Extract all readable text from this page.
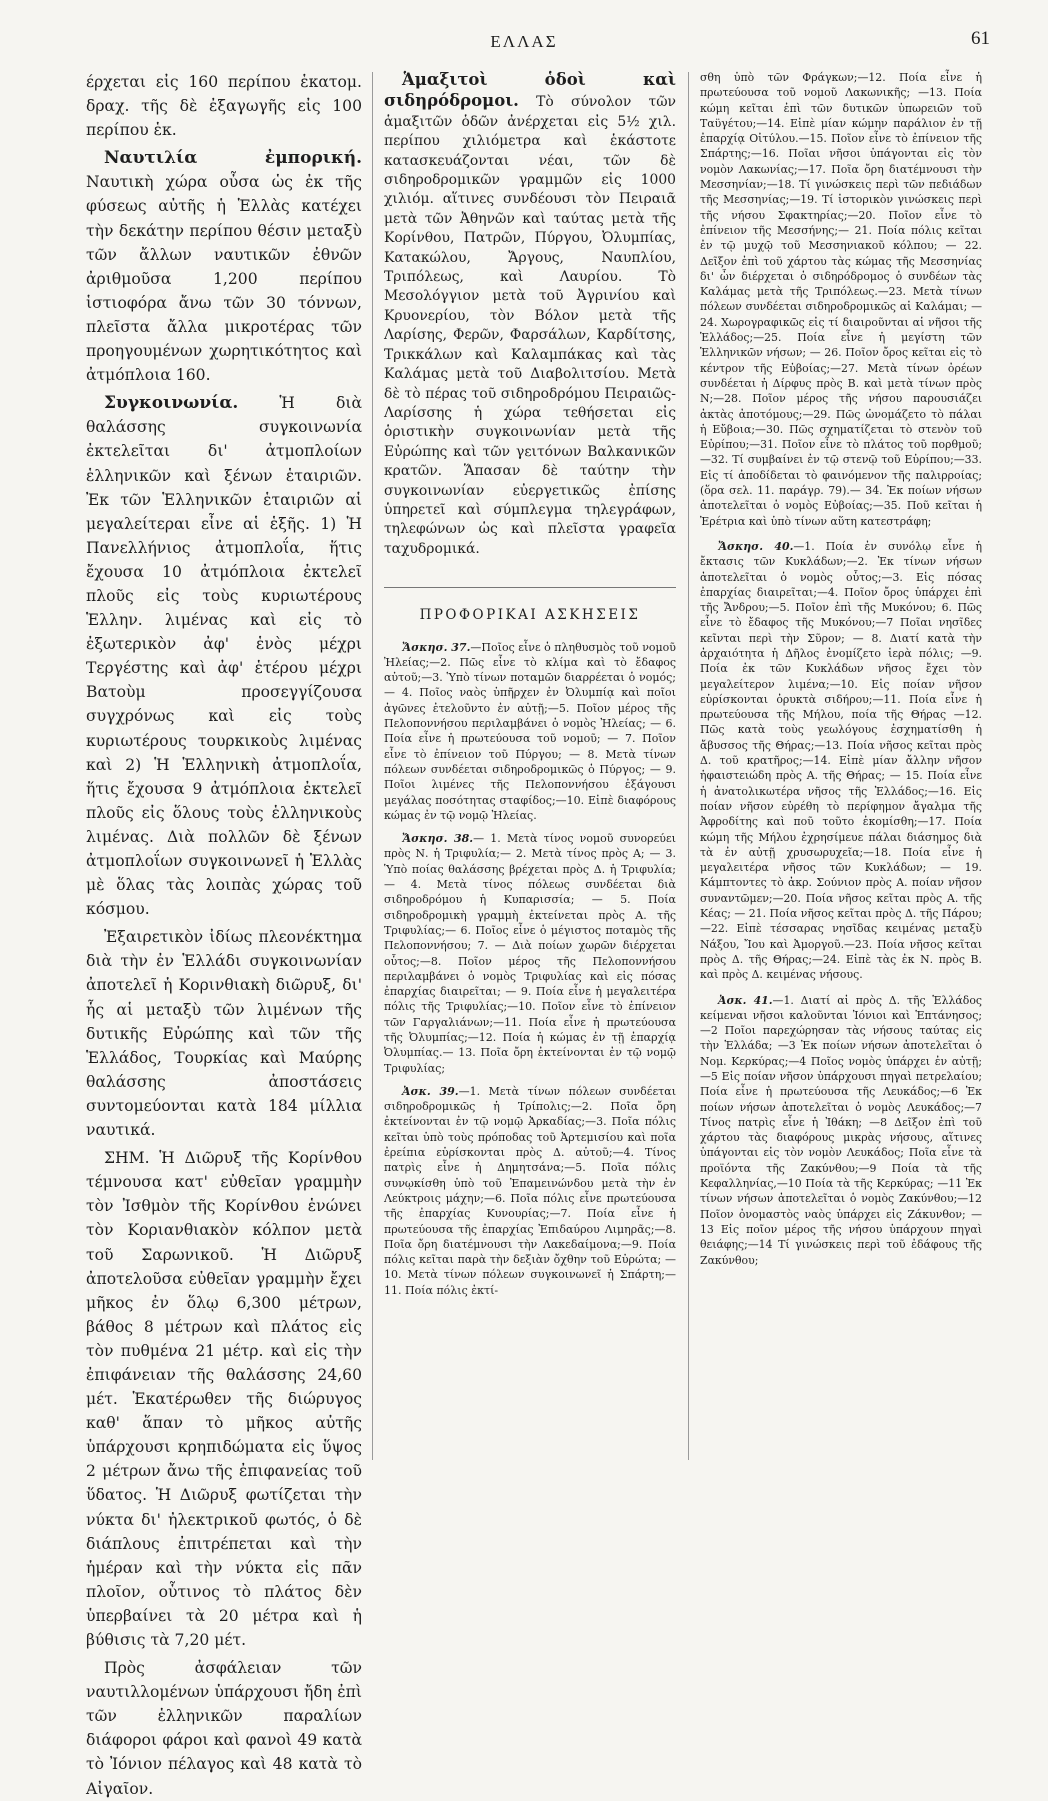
ΕΛΛΑΣ	61

έρχεται εἰς 160 περίπου ἑκατομ. δραχ. τῆς δὲ ἐξαγωγῆς εἰς 100 περίπου ἑκ.

Ναυτιλία ἐμπορική. Ναυτικὴ χώρα οὖσα ὡς ἐκ τῆς φύσεως αὐτῆς ἡ Ἑλλὰς κατέχει τὴν δεκάτην περίπου θέσιν μεταξὺ τῶν ἄλλων ναυτικῶν ἐθνῶν ἀριθμοῦσα 1,200 περίπου ἱστιοφόρα ἄνω τῶν 30 τόννων, πλεῖστα ἄλλα μικροτέρας τῶν προηγουμένων χωρητικότητος καὶ ἀτμόπλοια 160.

Συγκοινωνία.	Ἡ διὰ θαλάσσης συγκοινωνία ἐκτελεῖται δι' ἀτμοπλοίων ἑλληνικῶν καὶ ξένων ἑταιριῶν. Ἐκ τῶν Ἑλληνικῶν ἑταιριῶν αἱ μεγαλείτεραι εἶνε αἱ ἑξῆς. 1) Ἡ Πανελλήνιος ἀτμοπλοΐα, ἥτις ἔχουσα 10 ἀτμόπλοια ἐκτελεῖ πλοῦς εἰς τοὺς κυριωτέρους Ἑλλην. λιμένας καὶ εἰς τὸ ἐξωτερικὸν ἀφ' ἑνὸς μέχρι Τεργέστης καὶ ἀφ' ἑτέρου μέχρι Βατοὺμ προσεγγίζουσα συγχρόνως καὶ εἰς τοὺς κυριωτέρους τουρκικοὺς λιμένας καὶ 2) Ἡ Ἑλληνικὴ ἀτμοπλοΐα, ἥτις ἔχουσα 9 ἀτμόπλοια ἐκτελεῖ πλοῦς εἰς ὅλους τοὺς ἑλληνικοὺς λιμένας. Διὰ πολλῶν δὲ ξένων ἀτμοπλοΐων συγκοινωνεῖ ἡ Ἑλλὰς μὲ ὅλας τὰς λοιπὰς χώρας τοῦ κόσμου.

Ἐξαιρετικὸν ἰδίως πλεονέκτημα διὰ τὴν ἐν Ἑλλάδι συγκοινωνίαν ἀποτελεῖ ἡ Κορινθιακὴ διῶρυξ, δι' ἧς αἱ μεταξὺ τῶν λιμένων τῆς δυτικῆς Εὐρώπης καὶ τῶν τῆς Ἑλλάδος, Τουρκίας καὶ Μαύρης θαλάσσης ἀποστάσεις συντομεύονται κατὰ 184 μίλλια ναυτικά.

ΣΗΜ. Ἡ Διῶρυξ τῆς Κορίνθου τέμνουσα κατ' εὐθεῖαν γραμμὴν τὸν Ἰσθμὸν τῆς Κορίνθου ἑνώνει τὸν Κοριανθιακὸν κόλπον μετὰ τοῦ Σαρωνικοῦ. Ἡ Διῶρυξ ἀποτελοῦσα εὐθεῖαν γραμμὴν ἔχει μῆκος ἐν ὅλῳ 6,300 μέτρων, βάθος 8 μέτρων καὶ πλάτος εἰς τὸν πυθμένα 21 μέτρ. καὶ εἰς τὴν ἐπιφάνειαν τῆς θαλάσσης 24,60 μέτ. Ἑκατέρωθεν τῆς διώρυγος καθ' ἅπαν τὸ μῆκος αὐτῆς ὑπάρχουσι κρηπιδώματα εἰς ὕψος 2 μέτρων ἄνω τῆς ἐπιφανείας τοῦ ὕδατος. Ἡ Διῶρυξ φωτίζεται τὴν νύκτα δι' ἠλεκτρικοῦ φωτός, ὁ δὲ διάπλους ἐπιτρέπεται καὶ τὴν ἡμέραν καὶ τὴν νύκτα εἰς πᾶν πλοῖον, οὗτινος τὸ πλάτος δὲν ὑπερβαίνει τὰ 20 μέτρα καὶ ἡ βύθισις τὰ 7,20 μέτ.

Πρὸς ἀσφάλειαν τῶν ναυτιλλομένων ὑπάρχουσι ἤδη ἐπὶ τῶν ἑλληνικῶν παραλίων διάφοροι φάροι καὶ φανοὶ 49 κατὰ τὸ Ἰόνιον πέλαγος καὶ 48 κατὰ τὸ Αἰγαῖον.

Ἁμαξιτοὶ ὁδοὶ καὶ σιδηρόδρομοι. Τὸ σύνολον τῶν ἁμαξιτῶν ὁδῶν ἀνέρχεται εἰς 5½ χιλ. περίπου χιλιόμετρα καὶ ἑκάστοτε κατασκευάζονται νέαι, τῶν δὲ σιδηροδρομικῶν γραμμῶν εἰς 1000 χιλιόμ. αἵτινες συνδέουσι τὸν Πειραιᾶ μετὰ τῶν Ἀθηνῶν καὶ ταύτας μετὰ τῆς Κορίνθου, Πατρῶν, Πύργου, Ὀλυμπίας, Κατακώλου, Ἄργους, Ναυπλίου, Τριπόλεως, καὶ Λαυρίου. Τὸ Μεσολόγγιον μετὰ τοῦ Ἀγρινίου καὶ Κρυονερίου, τὸν Βόλον μετὰ τῆς Λαρίσης, Φερῶν, Φαρσάλων, Καρδίτσης, Τρικκάλων καὶ Καλαμπάκας καὶ τὰς Καλάμας μετὰ τοῦ Διαβολιτσίου. Μετὰ δὲ τὸ πέρας τοῦ σιδηροδρόμου Πειραιῶς-Λαρίσσης ἡ χώρα τεθήσεται εἰς ὁριστικὴν συγκοινωνίαν μετὰ τῆς Εὐρώπης καὶ τῶν γειτόνων Βαλκανικῶν κρατῶν. Ἅπασαν δὲ ταύτην τὴν συγκοινωνίαν εὐεργετικῶς ἐπίσης ὑπηρετεῖ καὶ σύμπλεγμα τηλεγράφων, τηλεφώνων ὡς καὶ πλεῖστα γραφεῖα ταχυδρομικά.

ΠΡΟΦΟΡΙΚΑΙ ΑΣΚΗΣΕΙΣ

Ἄσκησ. 37.—Ποῖος εἶνε ὁ πληθυσμὸς τοῦ νομοῦ Ἠλείας;—2. Πῶς εἶνε τὸ κλίμα καὶ τὸ ἔδαφος αὐτοῦ;—3. Ὑπὸ τίνων ποταμῶν διαρρέεται ὁ νομός; — 4. Ποῖος ναὸς ὑπῆρχεν ἐν Ὀλυμπίᾳ καὶ ποῖοι ἀγῶνες ἐτελοῦντο ἐν αὐτῇ;—5. Ποῖον μέρος τῆς Πελοποννήσου περιλαμβάνει ὁ νομὸς Ἠλείας; — 6. Ποία εἶνε ἡ πρωτεύουσα τοῦ νομοῦ; — 7. Ποῖον εἶνε τὸ ἐπίνειον τοῦ Πύργου; — 8. Μετὰ τίνων πόλεων συνδέεται σιδηροδρομικῶς ὁ Πύργος; — 9. Ποῖοι λιμένες τῆς Πελοποννήσου ἐξάγουσι μεγάλας ποσότητας σταφίδος;—10. Εἰπὲ διαφόρους κώμας ἐν τῷ νομῷ Ἠλείας.

Ἄσκησ. 38.— 1. Μετὰ τίνος νομοῦ συνορεύει πρὸς Ν. ἡ Τριφυλία;— 2. Μετὰ τίνος πρὸς Α; — 3. Ὑπὸ ποίας θαλάσσης βρέχεται πρὸς Δ. ἡ Τριφυλία;— 4. Μετὰ τίνος πόλεως συνδέεται διὰ σιδηροδρόμου ἡ Κυπαρισσία; — 5. Ποία σιδηροδρομικὴ γραμμὴ ἐκτείνεται πρὸς Α. τῆς Τριφυλίας;— 6. Ποῖος εἶνε ὁ μέγιστος ποταμὸς τῆς Πελοποννήσου; 7. — Διὰ ποίων χωρῶν διέρχεται οὗτος;—8. Ποῖον μέρος τῆς Πελοποννήσου περιλαμβάνει ὁ νομὸς Τριφυλίας καὶ εἰς πόσας ἐπαρχίας διαιρεῖται; — 9. Ποία εἶνε ἡ μεγαλειτέρα πόλις τῆς Τριφυλίας;—10. Ποῖον εἶνε τὸ ἐπίνειον τῶν Γαργαλιάνων;—11. Ποία εἶνε ἡ πρωτεύουσα τῆς Ὀλυμπίας;—12. Ποία ἡ κώμας ἐν τῇ ἐπαρχίᾳ Ὀλυμπίας.— 13. Ποῖα ὄρη ἐκτείνονται ἐν τῷ νομῷ Τριφυλίας;

Ἀσκ. 39.—1. Μετὰ τίνων πόλεων συνδέεται σιδηροδρομικῶς ἡ Τρίπολις;—2. Ποῖα ὄρη ἐκτείνονται ἐν τῷ νομῷ Ἀρκαδίας;—3. Ποῖα πόλις κεῖται ὑπὸ τοὺς πρόποδας τοῦ Ἀρτεμισίου καὶ ποῖα ἐρείπια εὑρίσκονται πρὸς Δ. αὐτοῦ;—4. Τίνος πατρὶς εἶνε ἡ Δημητσάνα;—5. Ποῖα πόλις συνῳκίσθη ὑπὸ τοῦ Ἐπαμεινώνδου μετὰ τὴν ἐν Λεύκτροις μάχην;—6. Ποῖα πόλις εἶνε πρωτεύουσα τῆς ἐπαρχίας Κυνουρίας;—7. Ποία εἶνε ἡ πρωτεύουσα τῆς ἐπαρχίας Ἐπιδαύρου Λιμηρᾶς;—8. Ποῖα ὄρη διατέμνουσι τὴν Λακεδαίμονα;—9. Ποία πόλις κεῖται παρὰ τὴν δεξιὰν ὄχθην τοῦ Εὐρώτα; —10. Μετὰ τίνων πόλεων συγκοινωνεῖ ἡ Σπάρτη;—11. Ποία πόλις ἐκτί-

σθη ὑπὸ τῶν Φράγκων;—12. Ποία εἶνε ἡ πρωτεύουσα τοῦ νομοῦ Λακωνικῆς; —13. Ποία κώμη κεῖται ἐπὶ τῶν δυτικῶν ὑπωρειῶν τοῦ Ταϋγέτου;—14. Εἰπὲ μίαν κώμην παράλιον ἐν τῇ ἐπαρχίᾳ Οἰτύλου.—15. Ποῖον εἶνε τὸ ἐπίνειον τῆς Σπάρτης;—16. Ποῖαι νῆσοι ὑπάγονται εἰς τὸν νομὸν Λακωνίας;—17. Ποῖα ὄρη διατέμνουσι τὴν Μεσσηνίαν;—18. Τί γινώσκεις περὶ τῶν πεδιάδων τῆς Μεσσηνίας;—19. Τί ἱστορικὸν γινώσκεις περὶ τῆς νήσου Σφακτηρίας;—20. Ποῖον εἶνε τὸ ἐπίνειον τῆς Μεσσήνης;— 21. Ποία πόλις κεῖται ἐν τῷ μυχῷ τοῦ Μεσσηνιακοῦ κόλπου; — 22. Δεῖξον ἐπὶ τοῦ χάρτου τὰς κώμας τῆς Μεσσηνίας δι' ὧν διέρχεται ὁ σιδηρόδρομος ὁ συνδέων τὰς Καλάμας μετὰ τῆς Τριπόλεως.—23. Μετὰ τίνων πόλεων συνδέεται σιδηροδρομικῶς αἱ Καλάμαι; — 24. Χωρογραφικῶς εἰς τί διαιροῦνται αἱ νῆσοι τῆς Ἑλλάδος;—25. Ποία εἶνε ἡ μεγίστη τῶν Ἑλληνικῶν νήσων; — 26. Ποῖον ὄρος κεῖται εἰς τὸ κέντρον τῆς Εὐβοίας;—27. Μετὰ τίνων ὀρέων συνδέεται ἡ Δίρφυς πρὸς Β. καὶ μετὰ τίνων πρὸς Ν;—28. Ποῖον μέρος τῆς νήσου παρουσιάζει ἀκτὰς ἀποτόμους;—29. Πῶς ὠνομάζετο τὸ πάλαι ἡ Εὔβοια;—30. Πῶς σχηματίζεται τὸ στενὸν τοῦ Εὐρίπου;—31. Ποῖον εἶνε τὸ πλάτος τοῦ πορθμοῦ;—32. Τί συμβαίνει ἐν τῷ στενῷ τοῦ Εὐρίπου;—33. Εἰς τί ἀποδίδεται τὸ φαινόμενον τῆς παλιρροίας; (ὅρα σελ. 11. παράγρ. 79).— 34. Ἐκ ποίων νήσων ἀποτελεῖται ὁ νομὸς Εὐβοίας;—35. Ποῦ κεῖται ἡ Ἐρέτρια καὶ ὑπὸ τίνων αὕτη κατεστράφη;

Ἄσκησ. 40.—1. Ποία ἐν συνόλῳ εἶνε ἡ ἔκτασις τῶν Κυκλάδων;—2. Ἐκ τίνων νήσων ἀποτελεῖται ὁ νομὸς οὗτος;—3. Εἰς πόσας ἐπαρχίας διαιρεῖται;—4. Ποῖον ὄρος ὑπάρχει ἐπὶ τῆς Ἄνδρου;—5. Ποῖον ἐπὶ τῆς Μυκόνου; 6. Πῶς εἶνε τὸ ἔδαφος τῆς Μυκόνου;—7 Ποῖαι νησῖδες κεῖνται περὶ τὴν Σῦρον; — 8. Διατί κατὰ τὴν ἀρχαιότητα ἡ Δῆλος ἐνομίζετο ἱερὰ πόλις; —9. Ποία ἐκ τῶν Κυκλάδων νῆσος ἔχει τὸν μεγαλείτερον λιμένα;—10. Εἰς ποίαν νῆσον εὑρίσκονται ὀρυκτὰ σιδήρου;—11. Ποία εἶνε ἡ πρωτεύουσα τῆς Μήλου, ποία τῆς Θήρας —12. Πῶς κατὰ τοὺς γεωλόγους ἐσχηματίσθη ἡ ἄβυσσος τῆς Θήρας;—13. Ποία νῆσος κεῖται πρὸς Δ. τοῦ κρατῆρος;—14. Εἰπὲ μίαν ἄλλην νῆσον ἡφαιστειώδη πρὸς Α. τῆς Θήρας; — 15. Ποία εἶνε ἡ ἀνατολικωτέρα νῆσος τῆς Ἑλλάδος;—16. Εἰς ποίαν νῆσον εὑρέθη τὸ περίφημον ἄγαλμα τῆς Ἀφροδίτης καὶ ποῦ τοῦτο ἐκομίσθη;—17. Ποία κώμη τῆς Μήλου ἐχρησίμευε πάλαι διάσημος διὰ τὰ ἐν αὐτῇ χρυσωρυχεῖα;—18. Ποία εἶνε ἡ μεγαλειτέρα νῆσος τῶν Κυκλάδων; — 19. Κάμπτοντες τὸ ἀκρ. Σούνιον πρὸς Α. ποίαν νῆσον συναντῶμεν;—20. Ποία νῆσος κεῖται πρὸς Α. τῆς Κέας; — 21. Ποία νῆσος κεῖται πρὸς Δ. τῆς Πάρου;—22. Εἰπὲ τέσσαρας νησῖδας κειμένας μεταξὺ Νάξου, Ἴου καὶ Ἀμοργοῦ.—23. Ποία νῆσος κεῖται πρὸς Δ. τῆς Θήρας;—24. Εἰπὲ τὰς ἐκ Ν. πρὸς Β. καὶ πρὸς Δ. κειμένας νήσους.

Ἀσκ. 41.—1. Διατί αἱ πρὸς Δ. τῆς Ἑλλάδος κείμεναι νῆσοι καλοῦνται Ἰόνιοι καὶ Ἑπτάνησος;—2 Ποῖοι παρεχώρησαν τὰς νήσους ταύτας εἰς τὴν Ἑλλάδα; —3 Ἐκ ποίων νήσων ἀποτελεῖται ὁ Νομ. Κερκύρας;—4 Ποῖος νομὸς ὑπάρχει ἐν αὐτῇ;—5 Εἰς ποίαν νῆσον ὑπάρχουσι πηγαὶ πετρελαίου; Ποία εἶνε ἡ πρωτεύουσα τῆς Λευκάδος;—6 Ἐκ ποίων νήσων ἀποτελεῖται ὁ νομὸς Λευκάδος;—7 Τίνος πατρὶς εἶνε ἡ Ἰθάκη; —8 Δεῖξον ἐπὶ τοῦ χάρτου τὰς διαφόρους μικρὰς νήσους, αἵτινες ὑπάγονται εἰς τὸν νομὸν Λευκάδος; Ποῖα εἶνε τὰ προϊόντα τῆς Ζακύνθου;—9 Ποία τὰ τῆς Κεφαλληνίας,—10 Ποία τὰ τῆς Κερκύρας; —11 Ἐκ τίνων νήσων ἀποτελεῖται ὁ νομὸς Ζακύνθου;—12 Ποῖον ὀνομαστὸς ναὸς ὑπάρχει εἰς Ζάκυνθον; —13 Εἰς ποῖον μέρος τῆς νήσου ὑπάρχουν πηγαὶ θειάφης;—14 Τί γινώσκεις περὶ τοῦ ἐδάφους τῆς Ζακύνθου;
